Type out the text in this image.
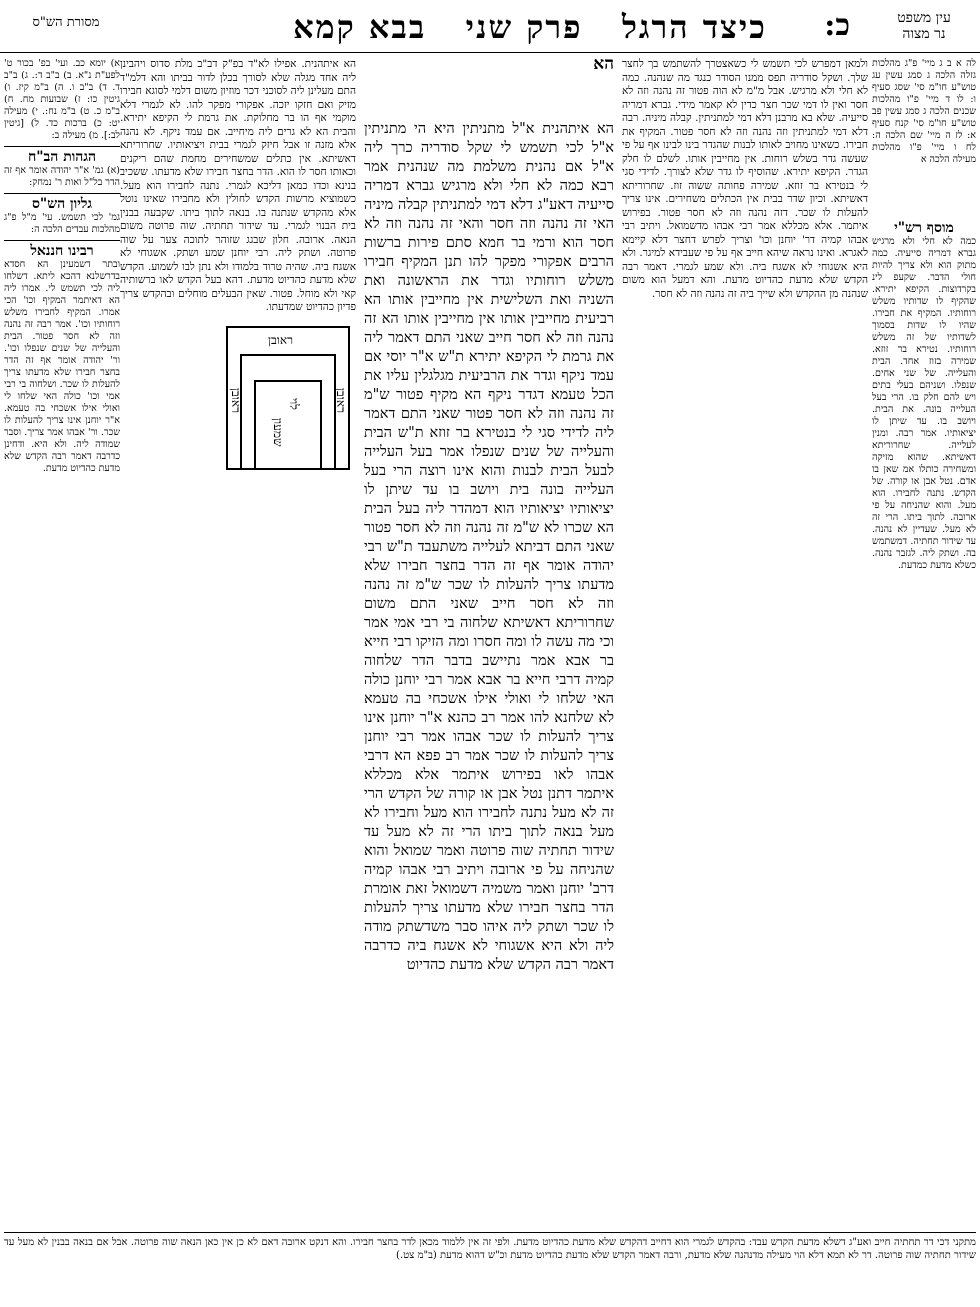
עין משפט
נר מצוה
כ:
כיצד הרגל   פרק שני   בבא קמא
מסורת הש"ס
לה א ב ג מיי' פ"ג מהלכות גזלה הלכה ג סמג עשין עג טוש"ע חו"מ סי' שסג סעיף ו: לו ד מיי' פ"ו מהלכות שכנים הלכה ג סמג עשין פב טוש"ע חו"מ סי' קנח סעיף א: לז ה מיי' שם הלכה ה: לח ו מיי' פ"ו מהלכות מעילה הלכה א
מוסף רש"י
כמה לא חלי ולא מרגיש גברא דמריה סייעיה. כמה מתוק הוא ולא צריך להיות חולי הדבר. שקעפ לינ בקרדוצות. הקיפא יתירא. שהקיף לו שדותיו משלש רוחותיו. המקיף את חבירו. שהיו לו שדות בסמוך לשדותיו של זה משלש רוחותיו. נטירא בר זוזא. שמירה בזוז אחד. הבית והעלייה. של שני אחים. שנפלו. ושניהם בעלי בתים ויש להם חלק בו. הרי בעל העלייה בונה. את הבית. ויושב בו. עד שיתן לו יציאותיו. אמר רבה. ומנין לעלייה. שחרוריתא דאשיתא. שהוא מזיקה ומשחירה כותלו אמ שאן בו אדם. נטל אבן או קורה. של הקדש. נתנה לחבירו. הוא מעל. והוא שהניחה על פי ארובה. לתוך ביתו. הרי זה לא מעל. שעדיין לא נהנה. עד שידור תחתיה. דמשתמש בה. ושתק ליה. לגזבר נהנה. כשלא מדעת כמדעת.
ולמאן דמפרש לכי תשמש לי כשאצטרך להשתמש בך לחצר שלך. ושקל סודריה תפס ממנו הסודר כנגד מה שנהנה. כמה לא חלי ולא מרגיש. אבל מ"מ לא הוה פטור זה נהנה וזה לא חסר ואין לו דמי שכר חצר כדין לא קאמר מידי. גברא דמריה סייעיה. שלא בא מרבנן דלא דמי למתניתין. קבלה מיניה. רבה דלא דמי למתניתין וזה נהנה וזה לא חסר פטור. המקיף את חבירו. כשאינו מחויב לאותו לבנות שהגדר בינו לבינו אף על פי שעשה גדר בשלש רוחות. אין מחייבין אותו. לשלם לו חלק הגדר. הקיפא יתירא. שהוסיף לו גדר שלא לצורך. לדידי סגי לי בנטירא בר זוזא. שמירה פחותה ששוה זוז. שחרוריתא דאשיתא. וכיון שדר בבית אין הכתלים משחירים. אינו צריך להעלות לו שכר. דזה נהנה וזה לא חסר פטור. בפירוש איתמר. אלא מכללא אמר רבי אבהו מדשמואל. ויתיב רבי אבהו קמיה דר' יוחנן וכו' וצריך לפרש דחצר דלא קיימא לאגרא. ואינו נראה שיהא חייב אף על פי שעבידא למיגר. ולא היא אשגוחי לא אשגח ביה. ולא שמע לגמרי. דאמר רבה הקדש שלא מדעת כהדיוט מדעת. והא דמעל הוא משום שנהנה מן ההקדש ולא שייך ביה זה נהנה וזה לא חסר.
הא
הא איתהנית א"ל מתניתין היא הי מתניתין א"ל לכי תשמש לי שקל סודריה כרך ליה א"ל אם נהנית משלמת מה שנהנית אמר רבא כמה לא חלי ולא מרגיש גברא דמריה סייעיה דאע"ג דלא דמי למתניתין קבלה מיניה האי זה נהנה וזה חסר והאי זה נהנה וזה לא חסר הוא ורמי בר חמא סתם פירות ברשות הרבים אפקורי מפקר להו תנן המקיף חבירו משלש רוחותיו וגדר את הראשונה ואת השניה ואת השלישית אין מחייבין אותו הא רביעית מחייבין אותו אין מחייבין אותו הא זה נהנה וזה לא חסר חייב שאני התם דאמר ליה את גרמת לי הקיפא יתירא ת"ש א"ר יוסי אם עמד ניקף וגדר את הרביעית מגלגלין עליו את הכל טעמא דגדר ניקף הא מקיף פטור ש"מ זה נהנה וזה לא חסר פטור שאני התם דאמר ליה לדידי סגי לי בנטירא בר זוזא ת"ש הבית והעלייה של שנים שנפלו אמר בעל העלייה לבעל הבית לבנות והוא אינו רוצה הרי בעל העלייה בונה בית ויושב בו עד שיתן לו יציאותיו יציאותיו הוא דמהדר ליה בעל הבית הא שכרו לא ש"מ זה נהנה וזה לא חסר פטור שאני התם דביתא לעלייה משתעבד ת"ש רבי יהודה אומר אף זה הדר בחצר חבירו שלא מדעתו צריך להעלות לו שכר ש"מ זה נהנה וזה לא חסר חייב שאני התם משום שחרוריתא דאשיתא שלחוה בי רבי אמי אמר וכי מה עשה לו ומה חסרו ומה הזיקו רבי חייא בר אבא אמר נתיישב בדבר הדר שלחוה קמיה דרבי חייא בר אבא אמר רבי יוחנן כולה האי שלחו לי ואולי אילו אשכחי בה טעמא לא שלחנא להו אמר רב כהנא א"ר יוחנן אינו צריך להעלות לו שכר אבהו אמר רבי יוחנן צריך להעלות לו שכר אמר רב פפא הא דרבי אבהו לאו בפירוש איתמר אלא מכללא איתמר דתנן נטל אבן או קורה של הקדש הרי זה לא מעל נתנה לחבירו הוא מעל וחבירו לא מעל בנאה לתוך ביתו הרי זה לא מעל עד שידור תחתיה שוה פרוטה ואמר שמואל והוא שהניחה על פי ארובה ויתיב רבי אבהו קמיה דרב' יוחנן ואמר משמיה דשמואל זאת אומרת הדר בחצר חבירו שלא מדעתו צריך להעלות לו שכר ושתק ליה איהו סבר משדשתק מודה ליה ולא היא אשגוחי לא אשגח ביה כדרבה דאמר רבה הקדש שלא מדעת כהדיוט
הא איתהנית. אפילו לא"ד בפ"ק דב"ב מלת סדוס ויהבינן ליה אחד מגלה שלא לסורך בכלן לדור בביתו והא דלמ"ד התם מעלינן ליה לסוכני דכר מוזיון משום דלמי לסוגא חבירו מזיק ואם חזקו יזכה. אפקורי מפקר להו. לא לגמרי דלא מוקמי אף הו בר מחלוקת. את גרמת לי הקיפא יתירא. והבית הא לא גרים ליה מיחייב. אם עמד ניקף. לא נהנה אלא מזנה זו אבל חיזק לגמרי בבית ויציאותיו. שחרוריתא דאשיתא. אין כתלים שמשחירים מחמת שהם ריקנים וכאותו חסר לו הוא. הדר בחצר חבירו שלא מדעתו. ששכיב בנינא וכדו כמאן דליכא לגמרי. נתנה לחבירו הוא מעל. כשמוציא מרשות הקדש לחולין ולא מחבירו שאינו נוטל אלא מהקדש שנתנה בו. בנאה לתוך ביתו. שקבעה בבנין בית הבנוי לגמרי. עד שידור תחתיה. שוה פרוטה משום הנאה. ארובה. חלון שבגג שזוהר לתוכה צער על שוה פרוטה. ושתק ליה. רבי יוחנן שמע ושתק. אשגוחי לא אשגח ביה. שהיה טרוד בלמודו ולא נתן לבו לשמוע. הקדש שלא מדעת כהדיוט מדעת. דהא בעל הקדש לאו ברשותיה קאי ולא מוחל. פטור. שאין הבעלים מוחלים ובהקדש צריך פדיון כהדיוט שמדעתו.
א) יומא כב. ועי' בפ' בכור ט' לפע"ת נ"א. ב) ב"ב ד:. ג) ב"ב ד. ד) ב"ב ו. ה) ב"מ קיז. ו) גיטין כו: ז) שבועות מח. ח) ב"מ כ. ט) ב"מ נח:. י) מעילה יט: כ) ברכות כד. ל) [גיטין לב:]. מ) מעילה ב:
הגהות הב"ח
(א) גמ' א"ר יהודה אומר אף זה הדר בל"ל ואות ר' נמחק:
גליון הש"ס
גמ' לכי תשמש. עי' מ"ל פ"ג מהלכות עבדים הלכה ה:
רבינו חננאל
ובתר דשמעינן הא חסדא בדרשלנא דהכא ליתא. דשלחו ליה לכי תשמש לי. אמרו ליה הא דאיתמר המקיף וכו' הכי אמרו. המקיף לחבירו משלש רוחותיו וכו'. אמר רבה זה נהנה וזה לא חסר פטור. הבית והעלייה של שנים שנפלו וכו'. ור' יהודה אומר אף זה הדר בחצר חבירו שלא מדעתו צריך להעלות לו שכר. ושלחוה בי רבי אמי וכו' כולה האי שלחו לי ואולי אילו אשכחי בה טעמא. א"ר יוחנן אינו צריך להעלות לו שכר. ור' אבהו אמר צריך. וסבר שמודה ליה. ולא היא. ודחינן כדרבה דאמר רבה הקדש שלא מדעת כהדיוט מדעת.
ראובן
שמעון
לוי
ראובן	ראובן
מתקני דכי דר תחתיה חייב ואע"ג דשלא מדעת הקדש עבד: בהקדש לגמרי הוא דחייב דהקדש שלא מדעת כהדיוט מדעת. ולפי זה אין ללמוד מכאן לדר בחצר חבירו. והא דנקט ארובה דאם לא כן אין כאן הנאה שוה פרוטה. אבל אם בנאה בבנין לא מעל עד שידור תחתיה שוה פרוטה. דר לא תמא דלא הוי מעילה מדנהנה שלא מדעת, ורבה דאמר הקדש שלא מדעת כהדיוט מדעת וכ"ש דהוא מדעת (ב"מ צט.)
